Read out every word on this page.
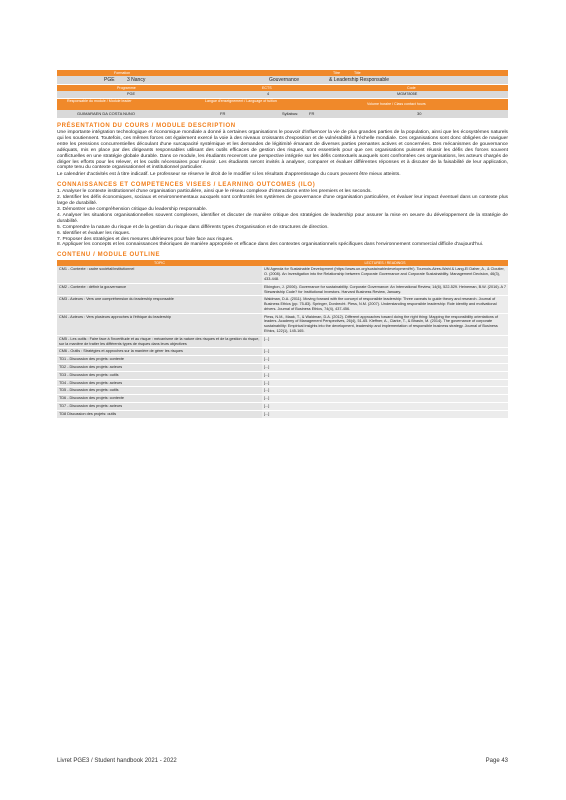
Formation	Titre	Title
PGE 3 Nancy	Gouvernance	& Leadership Responsable
Programme	ECTS	Code
PGE	4	MGM7805E
Responsable du module / Module leader	Langue d'enseignement / Language of tuition
Volume horaire / Class contact hours
GUIMARAEN DA COSTA NUNO	FR	Syllabus:	FR	30
PRÉSENTATION DU COURS / MODULE DESCRIPTION
Une importante intégration technologique et économique mondiale a donné à certaines organisations le pouvoir d'influencer la vie de plus grandes parties de la population, ainsi que les écosystèmes naturels qui les soutiennent. Toutefois, ces mêmes forces ont également exercé la voie à des niveaux croissants d'exposition et de vulnérabilité à l'échelle mondiale. Ces organisations sont donc obligées de naviguer entre les pressions concurrentielles découlant d'une surcapacité systémique et les demandes de légitimité émanant de diverses parties prenantes actives et concernées. Des mécanismes de gouvernance adéquats, mis en place par des dirigeants responsables utilisant des outils efficaces de gestion des risques, sont essentiels pour que ces organisations puissent réussir les défis des forces souvent conflictuelles en une stratégie globale durable. Dans ce module, les étudiants recevront une perspective intégrée sur les défis contextuels auxquels sont confrontées ces organisations, les acteurs chargés de diriger les efforts pour les relever, et les outils nécessaires pour réussir. Les étudiants seront invités à analyser, comparer et évaluer différentes réponses et à discuter de la faisabilité de leur application, compte tenu du contexte organisationnel et institutionnel particulier.
Le calendrier d'activités est à titre indicatif. Le professeur se réserve le droit de le modifier si les résultats d'apprentissage du cours peuvent être mieux atteints.
CONNAISSANCES ET COMPETENCES VISEES / LEARNING OUTCOMES (ILO)
1. Analyser le contexte institutionnel d'une organisation particulière, ainsi que le réseau complexe d'interactions entre les premiers et les seconds.
2. Identifier les défis économiques, sociaux et environnementaux auxquels sont confrontés les systèmes de gouvernance d'une organisation particulière, et évaluer leur impact éventuel dans un contexte plus large de durabilité.
3. Démontrer une compréhension critique du leadership responsable.
4. Analyser les situations organisationnelles souvent complexes, identifier et discuter de manière critique des stratégies de leadership pour assurer la mise en oeuvre du développement de la stratégie de durabilité.
5. Comprendre la nature du risque et de la gestion du risque dans différents types d'organisation et de structures de direction.
6. Identifier et évaluer les risques.
7. Proposer des stratégies et des mesures ultérieures pour faire face aux risques.
8. Appliquer les concepts et les connaissances théoriques de manière appropriée et efficace dans des contextes organisationnels spécifiques dans l'environnement commercial difficile d'aujourd'hui.
CONTENU / MODULE OUTLINE
TOPIC	LECTURES / READINGS
CM1 - Contexte : cadre sociétal/institutionnel	UN Agenda for Sustainable Development (https://www.un.org/sustainabledevelopment/fr/). Tournois-Aires-Wahl & Lang-El Daher, A., & Cloutier, O. (2008). An Investigation into the Relationship between Corporate Governance and Corporate Sustainability. Management Decision, 46(3), 433-448.
CM2 - Contexte : définir la gouvernance	Elkington, J. (2006). Governance for sustainability. Corporate Governance: An International Review, 14(6), 522-529. Heineman, B.W. (2016). A 7 Stewardship Code? for Institutional Investors. Harvard Business Review, January.
CM3 - Acteurs : Vers une compréhension du leadership responsable	Waldman, D.A. (2011). Moving forward with the concept of responsible leadership: Three caveats to guide theory and research. Journal of Business Ethics (pp. 75-83). Springer, Dordrecht. Pless, N.M. (2007). Understanding responsible leadership: Role identity and motivational drivers. Journal of Business Ethics, 74(4), 437-456.
CM4 - Acteurs : Vers plusieurs approches à l'éthique du leadership	Pless, N.M., Maak, T., & Waldman, D.A. (2012). Different approaches toward doing the right thing: Mapping the responsibility orientations of leaders. Academy of Management Perspectives, 26(4), 51-65. Kleffner, A., Clarke, T., & Bhasin, M. (2014). The governance of corporate sustainability: Empirical insights into the development, leadership and implementation of responsible business strategy. Journal of Business Ethics, 122(1), 145-165.
CM5 - Les outils : Faire face à l'incertitude et au risque : mécanisme de la nature des risques et de la gestion du risque, sur la manière de traiter les différents types de risques dans leurs objectives	[...]
CM6 - Outils : Stratégies et approches sur la manière de gérer les risques	[...]
TD1 - Discussion des projets: contexte	[...]
TD2 - Discussion des projets: acteurs	[...]
TD3 - Discussion des projets: outils	[...]
TD4 - Discussion des projets: acteurs	[...]
TD5 - Discussion des projets: outils	[...]
TD6 - Discussion des projets: contexte	[...]
TD7 - Discussion des projets: acteurs	[...]
TD8 Discussion des projets: outils	[...]
Livret PGE3 / Student handbook 2021 - 2022	Page 43
